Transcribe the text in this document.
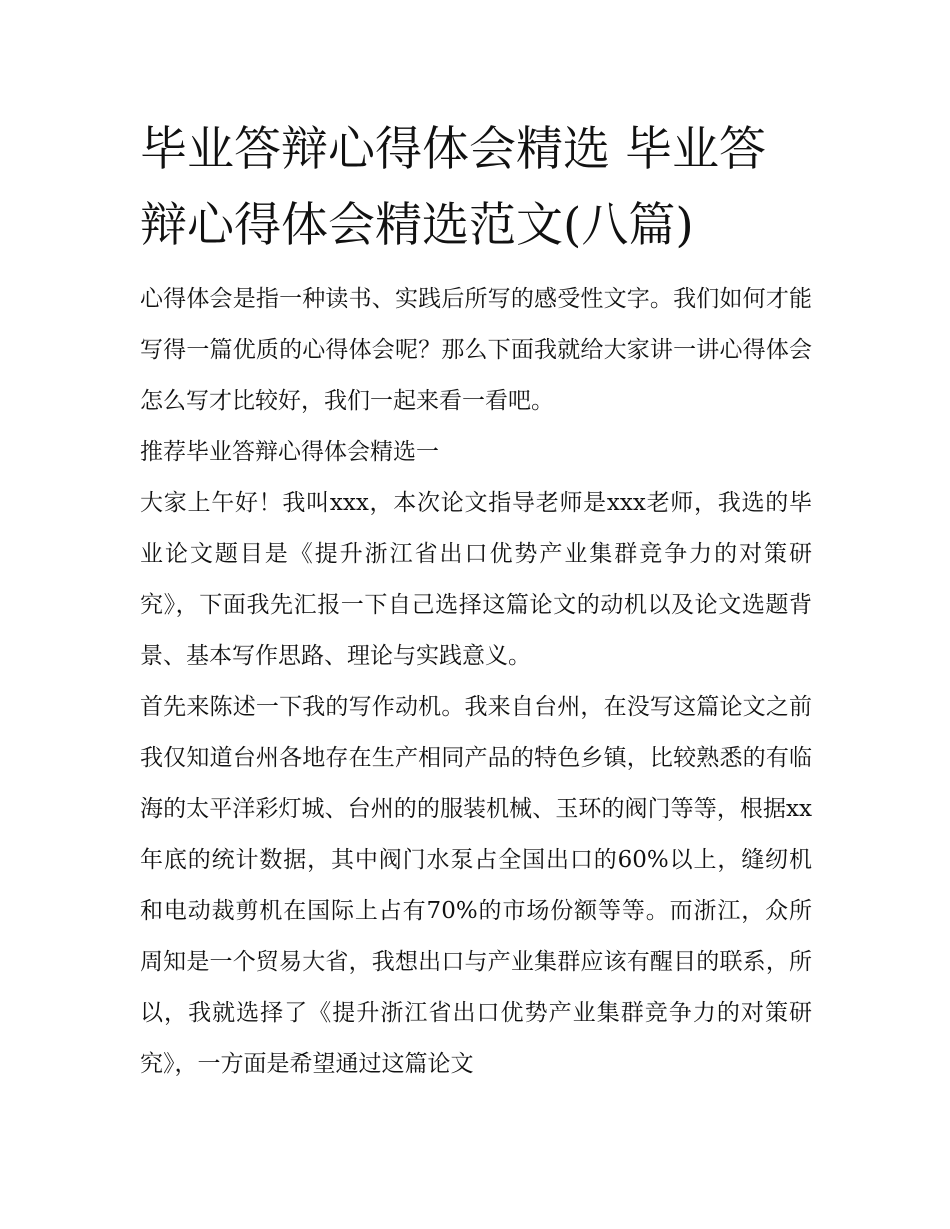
毕业答辩心得体会精选 毕业答辩心得体会精选范文(八篇)

心得体会是指一种读书、实践后所写的感受性文字。我们如何才能写得一篇优质的心得体会呢？那么下面我就给大家讲一讲心得体会怎么写才比较好，我们一起来看一看吧。

推荐毕业答辩心得体会精选一

大家上午好！我叫xxx，本次论文指导老师是xxx老师，我选的毕业论文题目是《提升浙江省出口优势产业集群竞争力的对策研究》，下面我先汇报一下自己选择这篇论文的动机以及论文选题背景、基本写作思路、理论与实践意义。

首先来陈述一下我的写作动机。我来自台州，在没写这篇论文之前我仅知道台州各地存在生产相同产品的特色乡镇，比较熟悉的有临海的太平洋彩灯城、台州的的服装机械、玉环的阀门等等，根据xx年底的统计数据，其中阀门水泵占全国出口的60%以上，缝纫机和电动裁剪机在国际上占有70%的市场份额等等。而浙江，众所周知是一个贸易大省，我想出口与产业集群应该有醒目的联系，所以，我就选择了《提升浙江省出口优势产业集群竞争力的对策研究》，一方面是希望通过这篇论文
